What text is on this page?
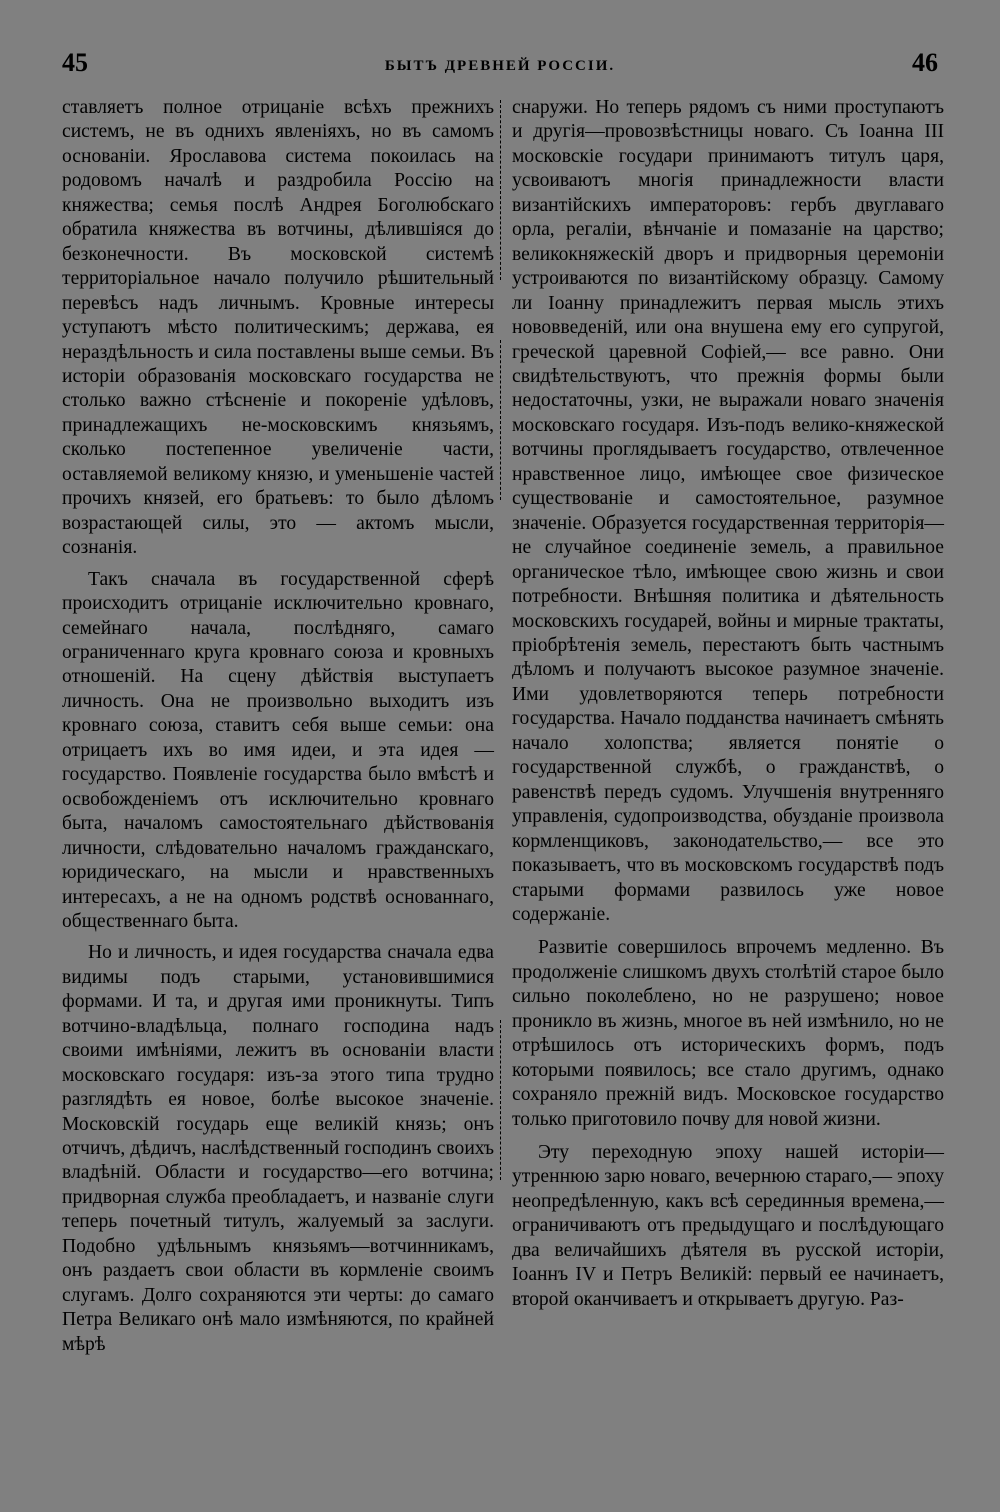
45	БЫТЪ ДРЕВНЕЙ РОССІИ.	46

ставляетъ полное отрицаніе всѣхъ прежнихъ системъ, не въ однихъ явленіяхъ, но въ самомъ основаніи. Ярославова система покоилась на родовомъ началѣ и раздробила Россію на княжества; семья послѣ Андрея Боголюбскаго обратила княжества въ вотчины, дѣлившіяся до безконечности. Въ московской системѣ территоріальное начало получило рѣшительный перевѣсъ надъ личнымъ. Кровные интересы уступаютъ мѣсто политическимъ; держава, ея нераздѣльность и сила поставлены выше семьи. Въ исторіи образованія московскаго государства не столько важно стѣсненіе и покореніе удѣловъ, принадлежащихъ не-московскимъ князьямъ, сколько постепенное увеличеніе части, оставляемой великому князю, и уменьшеніе частей прочихъ князей, его братьевъ: то было дѣломъ возрастающей силы, это — актомъ мысли, сознанія.

Такъ сначала въ государственной сферѣ происходитъ отрицаніе исключительно кровнаго, семейнаго начала, послѣдняго, самаго ограниченнаго круга кровнаго союза и кровныхъ отношеній. На сцену дѣйствія выступаетъ личность. Она не произвольно выходитъ изъ кровнаго союза, ставитъ себя выше семьи: она отрицаетъ ихъ во имя идеи, и эта идея — государство. Появленіе государства было вмѣстѣ и освобожденіемъ отъ исключительно кровнаго быта, началомъ самостоятельнаго дѣйствованія личности, слѣдовательно началомъ гражданскаго, юридическаго, на мысли и нравственныхъ интересахъ, а не на одномъ родствѣ основаннаго, общественнаго быта.

Но и личность, и идея государства сначала едва видимы подъ старыми, установившимися формами. И та, и другая ими проникнуты. Типъ вотчино-владѣльца, полнаго господина надъ своими имѣніями, лежитъ въ основаніи власти московскаго государя: изъ-за этого типа трудно разглядѣть ея новое, болѣе высокое значеніе. Московскій государь еще великій князь; онъ отчичъ, дѣдичъ, наслѣдственный господинъ своихъ владѣній. Области и государство—его вотчина; придворная служба преобладаетъ, и названіе слуги теперь почетный титулъ, жалуемый за заслуги. Подобно удѣльнымъ князьямъ—вотчинникамъ, онъ раздаетъ свои области въ кормленіе своимъ слугамъ. Долго сохраняются эти черты: до самаго Петра Великаго онѣ мало измѣняются, по крайней мѣрѣ

снаружи. Но теперь рядомъ съ ними проступаютъ и другія—провозвѣстницы новаго. Съ Іоанна III московскіе государи принимаютъ титулъ царя, усвоиваютъ многія принадлежности власти византійскихъ императоровъ: гербъ двуглаваго орла, регаліи, вѣнчаніе и помазаніе на царство; великокняжескій дворъ и придворныя церемоніи устроиваются по византійскому образцу. Самому ли Іоанну принадлежитъ первая мысль этихъ нововведеній, или она внушена ему его супругой, греческой царевной Софіей,— все равно. Они свидѣтельствуютъ, что прежнія формы были недостаточны, узки, не выражали новаго значенія московскаго государя. Изъ-подъ велико-княжеской вотчины проглядываетъ государство, отвлеченное нравственное лицо, имѣющее свое физическое существованіе и самостоятельное, разумное значеніе. Образуется государственная территорія—не случайное соединеніе земель, а правильное органическое тѣло, имѣющее свою жизнь и свои потребности. Внѣшняя политика и дѣятельность московскихъ государей, войны и мирные трактаты, пріобрѣтенія земель, перестаютъ быть частнымъ дѣломъ и получаютъ высокое разумное значеніе. Ими удовлетворяются теперь потребности государства. Начало подданства начинаетъ смѣнять начало холопства; является понятіе о государственной службѣ, о гражданствѣ, о равенствѣ передъ судомъ. Улучшенія внутренняго управленія, судопроизводства, обузданіе произвола кормленщиковъ, законодательство,— все это показываетъ, что въ московскомъ государствѣ подъ старыми формами развилось уже новое содержаніе.

Развитіе совершилось впрочемъ медленно. Въ продолженіе слишкомъ двухъ столѣтій старое было сильно поколеблено, но не разрушено; новое проникло въ жизнь, многое въ ней измѣнило, но не отрѣшилось отъ историческихъ формъ, подъ которыми появилось; все стало другимъ, однако сохраняло прежній видъ. Московское государство только приготовило почву для новой жизни.

Эту переходную эпоху нашей исторіи— утреннюю зарю новаго, вечернюю стараго,— эпоху неопредѣленную, какъ всѣ серединныя времена,—ограничиваютъ отъ предыдущаго и послѣдующаго два величайшихъ дѣятеля въ русской исторіи, Іоаннъ IV и Петръ Великій: первый ее начинаетъ, второй оканчиваетъ и открываетъ другую. Раз-
